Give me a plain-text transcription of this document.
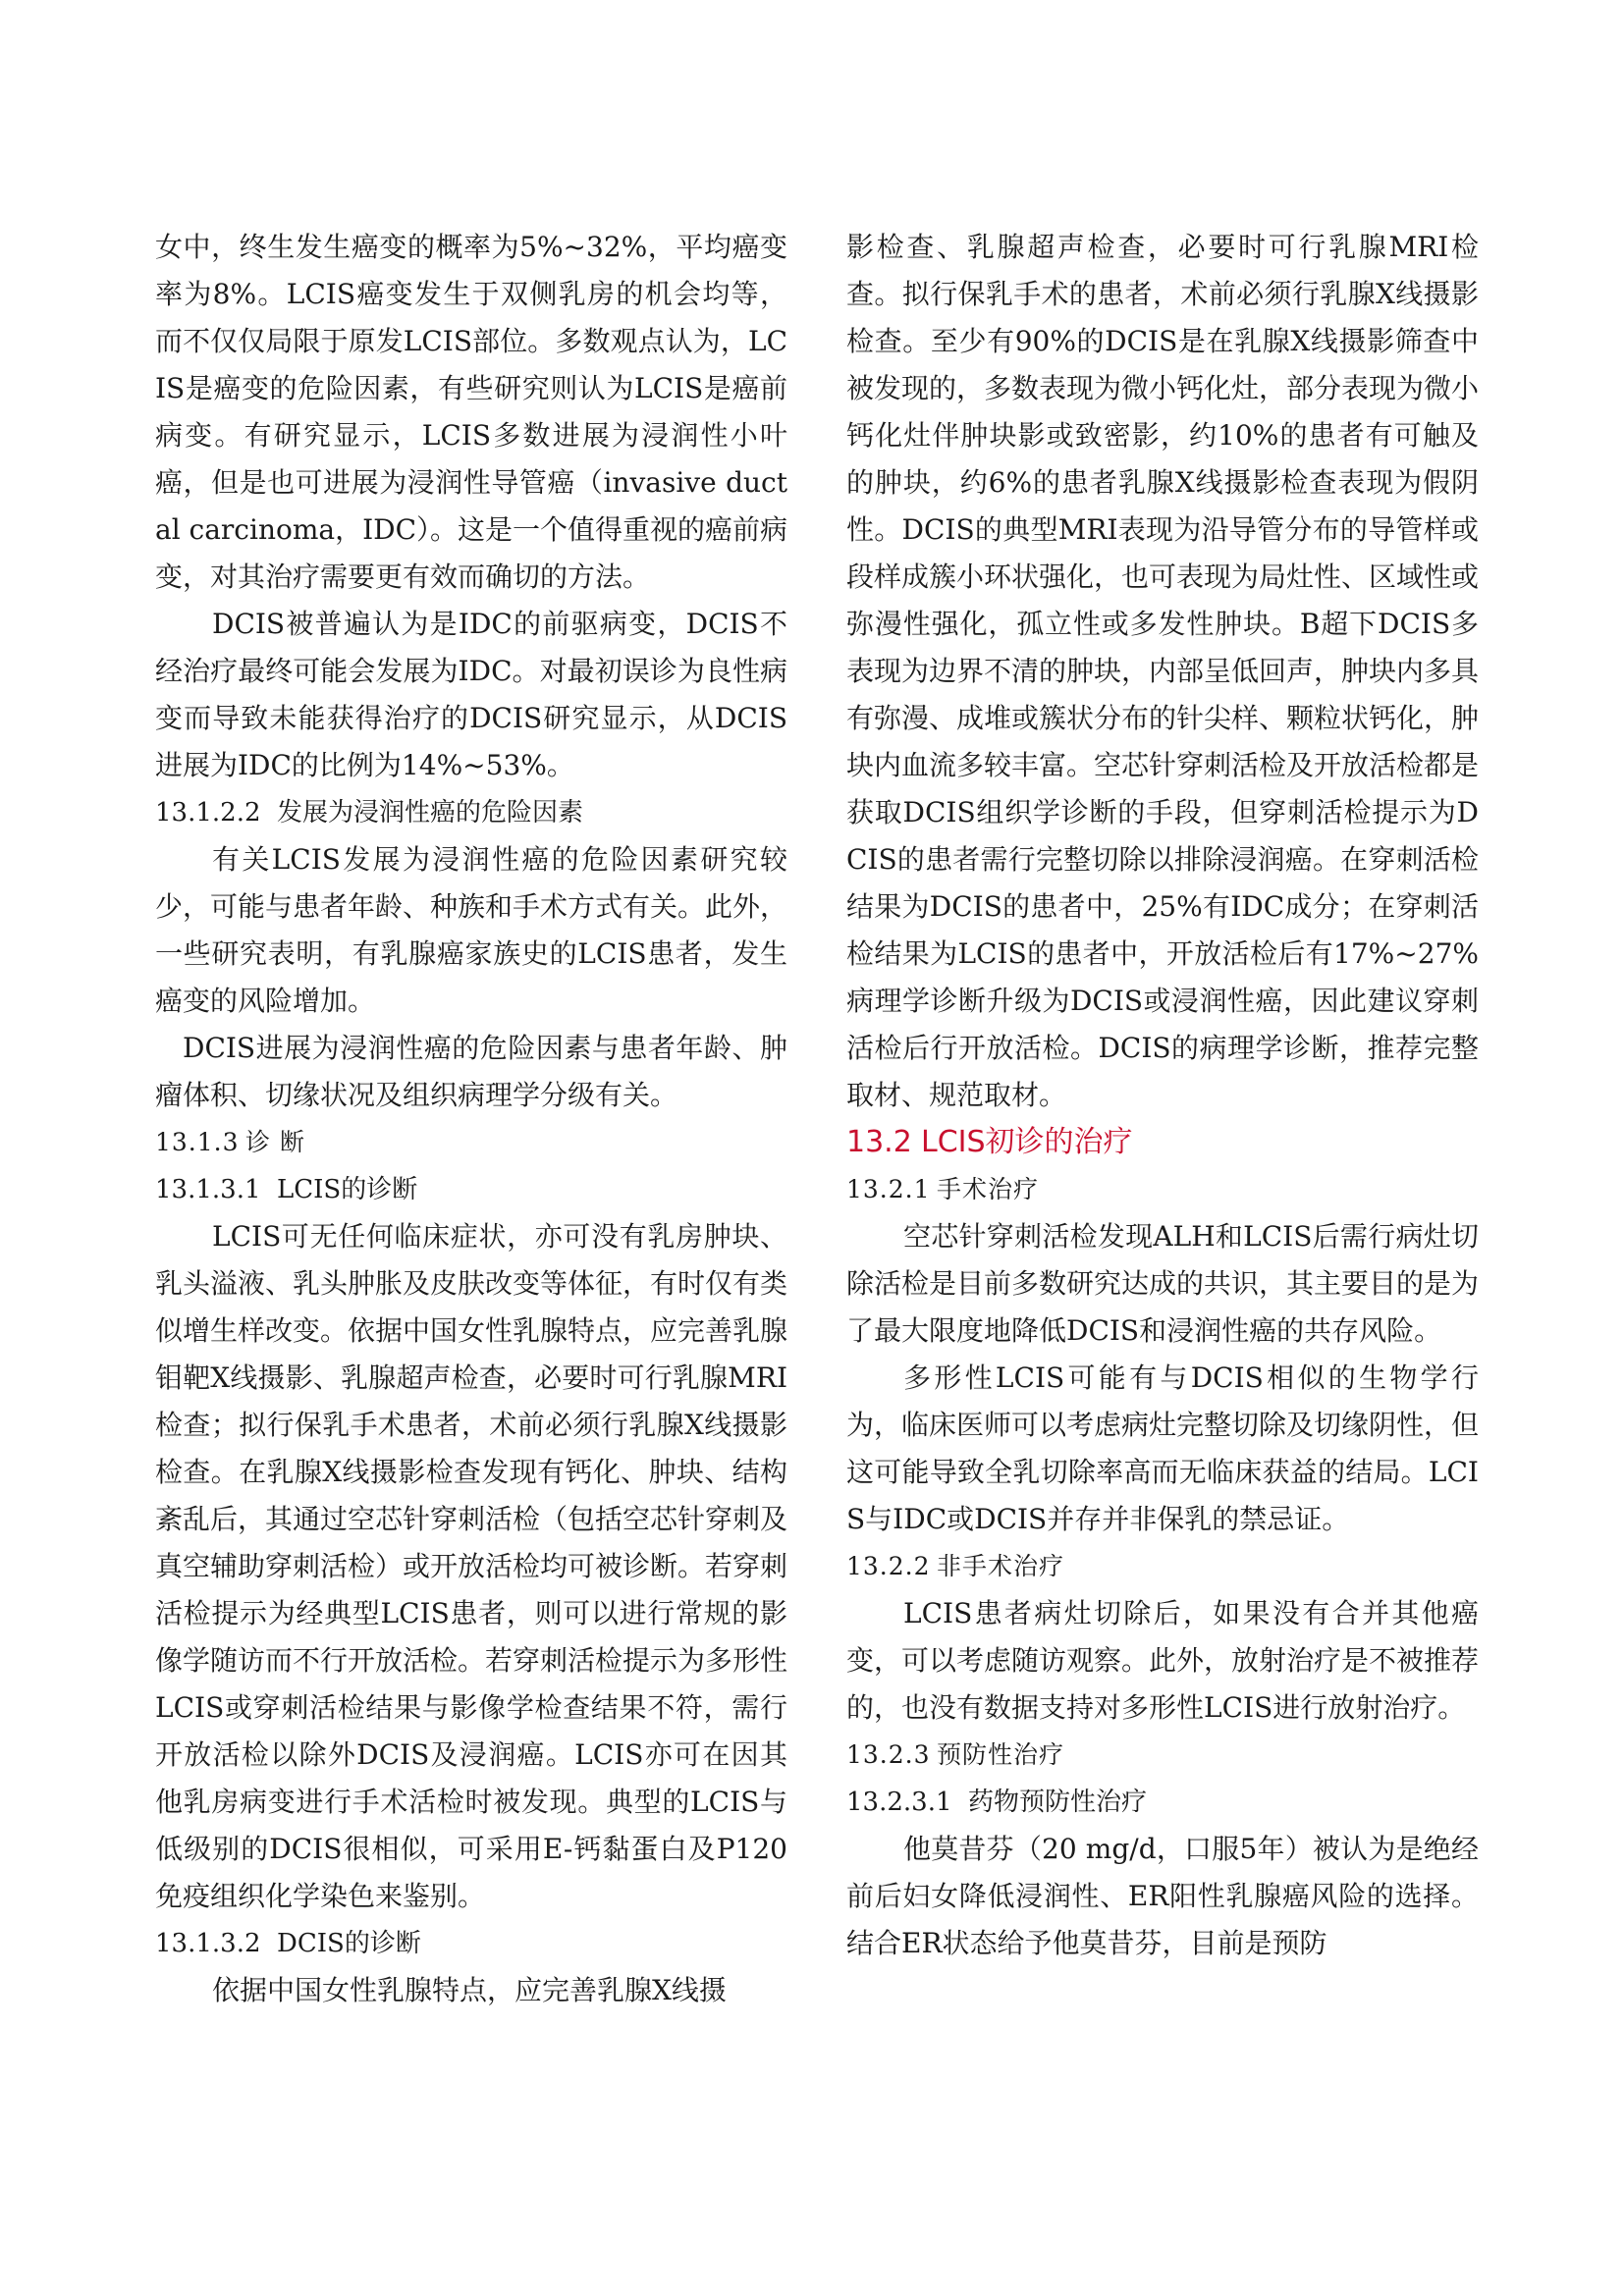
女中，终生发生癌变的概率为5%~32%，平均癌变率为8%。LCIS癌变发生于双侧乳房的机会均等，而不仅仅局限于原发LCIS部位。多数观点认为，LCIS是癌变的危险因素，有些研究则认为LCIS是癌前病变。有研究显示，LCIS多数进展为浸润性小叶癌，但是也可进展为浸润性导管癌（invasive ductal carcinoma，IDC）。这是一个值得重视的癌前病变，对其治疗需要更有效而确切的方法。

DCIS被普遍认为是IDC的前驱病变，DCIS不经治疗最终可能会发展为IDC。对最初误诊为良性病变而导致未能获得治疗的DCIS研究显示，从DCIS进展为IDC的比例为14%~53%。

13.1.2.2 发展为浸润性癌的危险因素

有关LCIS发展为浸润性癌的危险因素研究较少，可能与患者年龄、种族和手术方式有关。此外，一些研究表明，有乳腺癌家族史的LCIS患者，发生癌变的风险增加。

DCIS进展为浸润性癌的危险因素与患者年龄、肿瘤体积、切缘状况及组织病理学分级有关。

13.1.3 诊 断
13.1.3.1 LCIS的诊断

LCIS可无任何临床症状，亦可没有乳房肿块、乳头溢液、乳头肿胀及皮肤改变等体征，有时仅有类似增生样改变。依据中国女性乳腺特点，应完善乳腺钼靶X线摄影、乳腺超声检查，必要时可行乳腺MRI检查；拟行保乳手术患者，术前必须行乳腺X线摄影检查。在乳腺X线摄影检查发现有钙化、肿块、结构紊乱后，其通过空芯针穿刺活检（包括空芯针穿刺及真空辅助穿刺活检）或开放活检均可被诊断。若穿刺活检提示为经典型LCIS患者，则可以进行常规的影像学随访而不行开放活检。若穿刺活检提示为多形性LCIS或穿刺活检结果与影像学检查结果不符，需行开放活检以除外DCIS及浸润癌。LCIS亦可在因其他乳房病变进行手术活检时被发现。典型的LCIS与低级别的DCIS很相似，可采用E-钙黏蛋白及P120免疫组织化学染色来鉴别。

13.1.3.2 DCIS的诊断

依据中国女性乳腺特点，应完善乳腺X线摄

影检查、乳腺超声检查，必要时可行乳腺MRI检查。拟行保乳手术的患者，术前必须行乳腺X线摄影检查。至少有90%的DCIS是在乳腺X线摄影筛查中被发现的，多数表现为微小钙化灶，部分表现为微小钙化灶伴肿块影或致密影，约10%的患者有可触及的肿块，约6%的患者乳腺X线摄影检查表现为假阴性。DCIS的典型MRI表现为沿导管分布的导管样或段样成簇小环状强化，也可表现为局灶性、区域性或弥漫性强化，孤立性或多发性肿块。B超下DCIS多表现为边界不清的肿块，内部呈低回声，肿块内多具有弥漫、成堆或簇状分布的针尖样、颗粒状钙化，肿块内血流多较丰富。空芯针穿刺活检及开放活检都是获取DCIS组织学诊断的手段，但穿刺活检提示为DCIS的患者需行完整切除以排除浸润癌。在穿刺活检结果为DCIS的患者中，25%有IDC成分；在穿刺活检结果为LCIS的患者中，开放活检后有17%~27%病理学诊断升级为DCIS或浸润性癌，因此建议穿刺活检后行开放活检。DCIS的病理学诊断，推荐完整取材、规范取材。

13.2 LCIS初诊的治疗
13.2.1 手术治疗

空芯针穿刺活检发现ALH和LCIS后需行病灶切除活检是目前多数研究达成的共识，其主要目的是为了最大限度地降低DCIS和浸润性癌的共存风险。

多形性LCIS可能有与DCIS相似的生物学行为，临床医师可以考虑病灶完整切除及切缘阴性，但这可能导致全乳切除率高而无临床获益的结局。LCIS与IDC或DCIS并存并非保乳的禁忌证。

13.2.2 非手术治疗

LCIS患者病灶切除后，如果没有合并其他癌变，可以考虑随访观察。此外，放射治疗是不被推荐的，也没有数据支持对多形性LCIS进行放射治疗。

13.2.3 预防性治疗
13.2.3.1 药物预防性治疗

他莫昔芬（20 mg/d，口服5年）被认为是绝经前后妇女降低浸润性、ER阳性乳腺癌风险的选择。结合ER状态给予他莫昔芬，目前是预防
